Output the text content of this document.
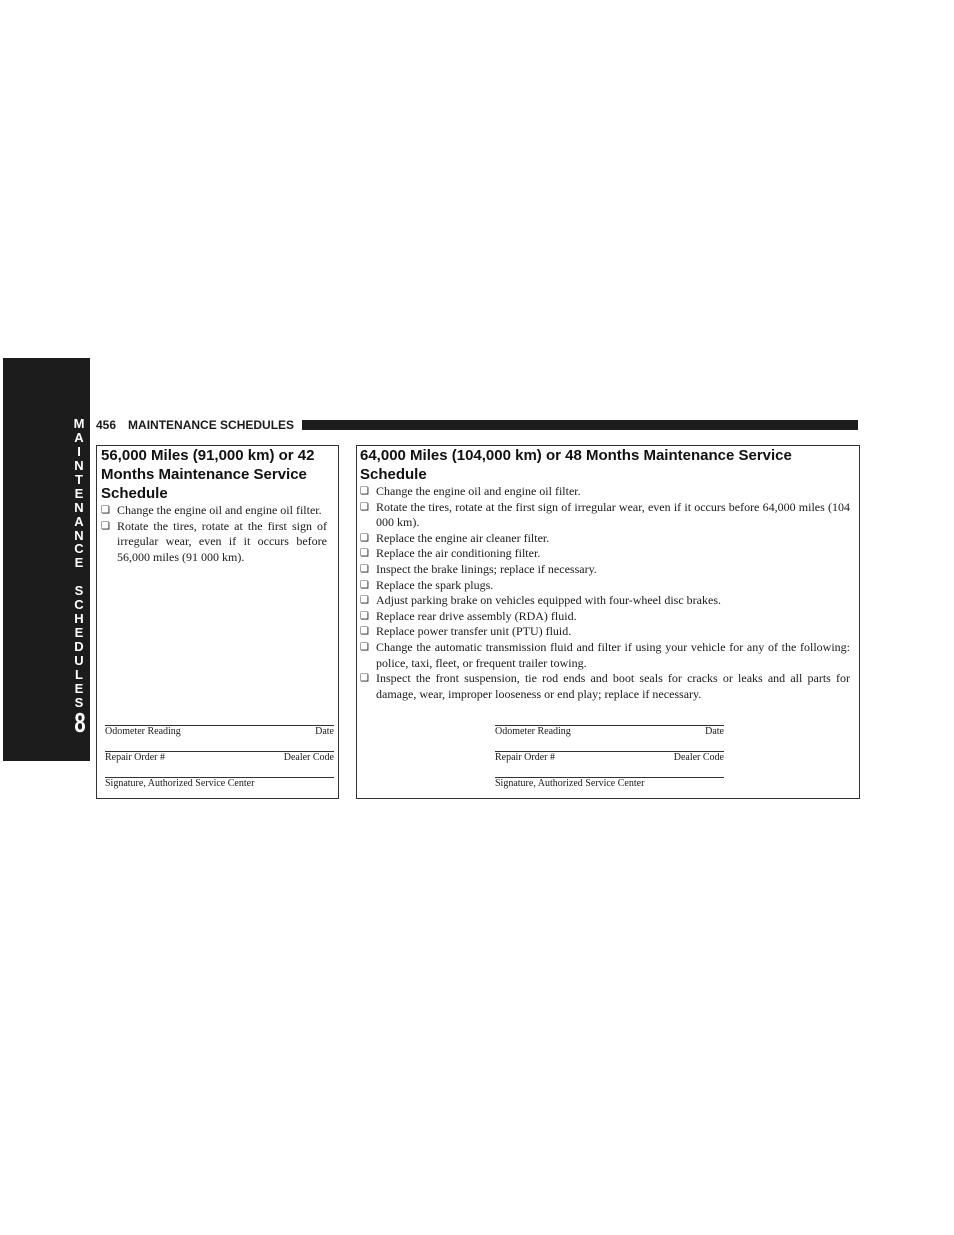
M
A
I
N
T
E
N
A
N
C
E
S
C
H
E
D
U
L
E
S
8
456 MAINTENANCE SCHEDULES
56,000 Miles (91,000 km) or 42 Months Maintenance Service Schedule
❏ Change the engine oil and engine oil filter.
❏ Rotate the tires, rotate at the first sign of irregular wear, even if it occurs before 56,000 miles (91 000 km).
Odometer Reading	Date
Repair Order #	Dealer Code
Signature, Authorized Service Center
64,000 Miles (104,000 km) or 48 Months Maintenance Service Schedule
❏ Change the engine oil and engine oil filter.
❏ Rotate the tires, rotate at the first sign of irregular wear, even if it occurs before 64,000 miles (104 000 km).
❏ Replace the engine air cleaner filter.
❏ Replace the air conditioning filter.
❏ Inspect the brake linings; replace if necessary.
❏ Replace the spark plugs.
❏ Adjust parking brake on vehicles equipped with four-wheel disc brakes.
❏ Replace rear drive assembly (RDA) fluid.
❏ Replace power transfer unit (PTU) fluid.
❏ Change the automatic transmission fluid and filter if using your vehicle for any of the following: police, taxi, fleet, or frequent trailer towing.
❏ Inspect the front suspension, tie rod ends and boot seals for cracks or leaks and all parts for damage, wear, improper looseness or end play; replace if necessary.
Odometer Reading	Date
Repair Order #	Dealer Code
Signature, Authorized Service Center
